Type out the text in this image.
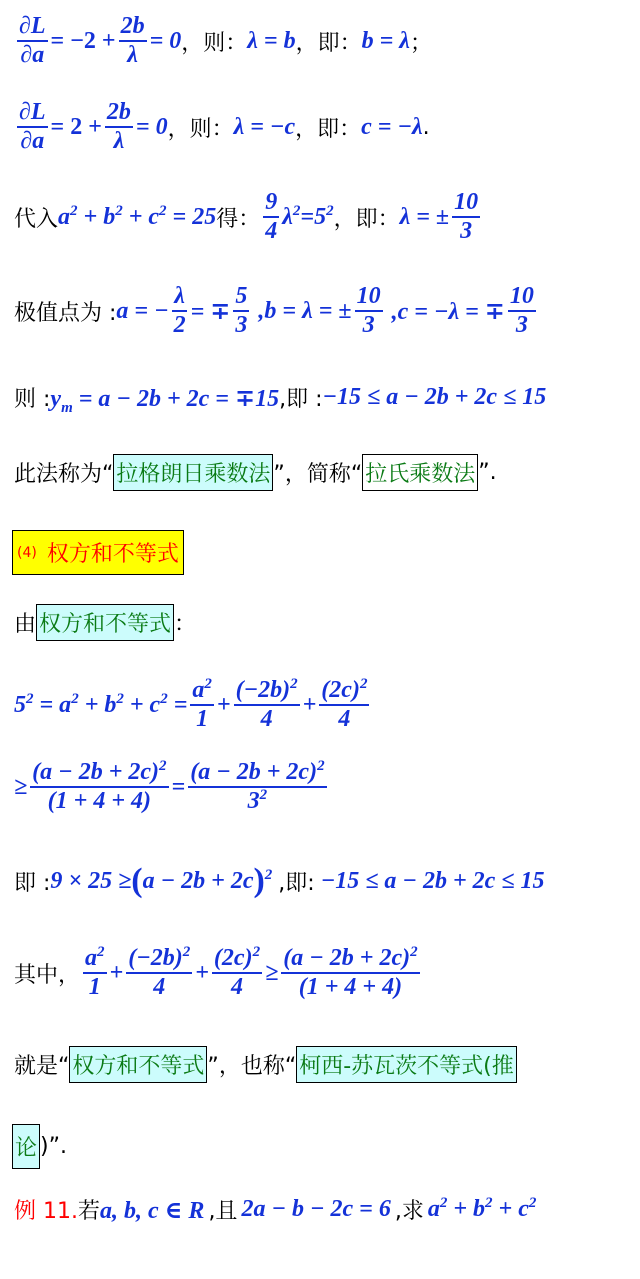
$\frac{\partial L}{\partial a} = -2 + \frac{2b}{\lambda} = 0$ ，则： λ = b ，即： b = λ ；
$\frac{\partial L}{\partial a} = 2 + \frac{2b}{\lambda} = 0$ ，则： λ = −c ，即： c = −λ .
代入 $a^2 + b^2 + c^2 = 25$ 得： $\frac{9}{4} \lambda^2=5^2$ ，即： λ = ± $\frac{10}{3}$
极值点为 : a = − $\frac{\lambda}{2}$ = ∓ $\frac{5}{3} ,b = \lambda$ = ± $\frac{10}{3} ,c = -\lambda$ = ∓ $\frac{10}{3}$
则 : $y_m = a - 2b + 2c = \mp 15$ ,即 : −15 ≤ a − 2b + 2c ≤ 15
此法称为“ 拉格朗日乘数法 ”，简称“ 拉氏乘数法 ”.
(4) 权方和不等式
由 权方和不等式 ：
$5^2 = a^2 + b^2 + c^2 = \frac{a^2}{1} + \frac{(-2b)^2}{4} + \frac{(2c)^2}{4}$
≥ $\frac{(a - 2b + 2c)^2}{(1 + 4 + 4)} = \frac{(a - 2b + 2c)^2}{3^2}$
即 : 9 × 25 ≥ ( a − 2b + 2c ) $^2$ ,即: −15 ≤ a − 2b + 2c ≤ 15
其中， $\frac{a^2}{1} + \frac{(-2b)^2}{4} + \frac{(2c)^2}{4} \ge \frac{(a - 2b + 2c)^2}{(1 + 4 + 4)}$
就是“ 权方和不等式 ”，也称“ 柯西-苏瓦茨不等式(推
论 )”.
例 11. 若 a, b, c ∈ R ,且 2a − b − 2c = 6 ,求 $a^2 + b^2 + c^2$
